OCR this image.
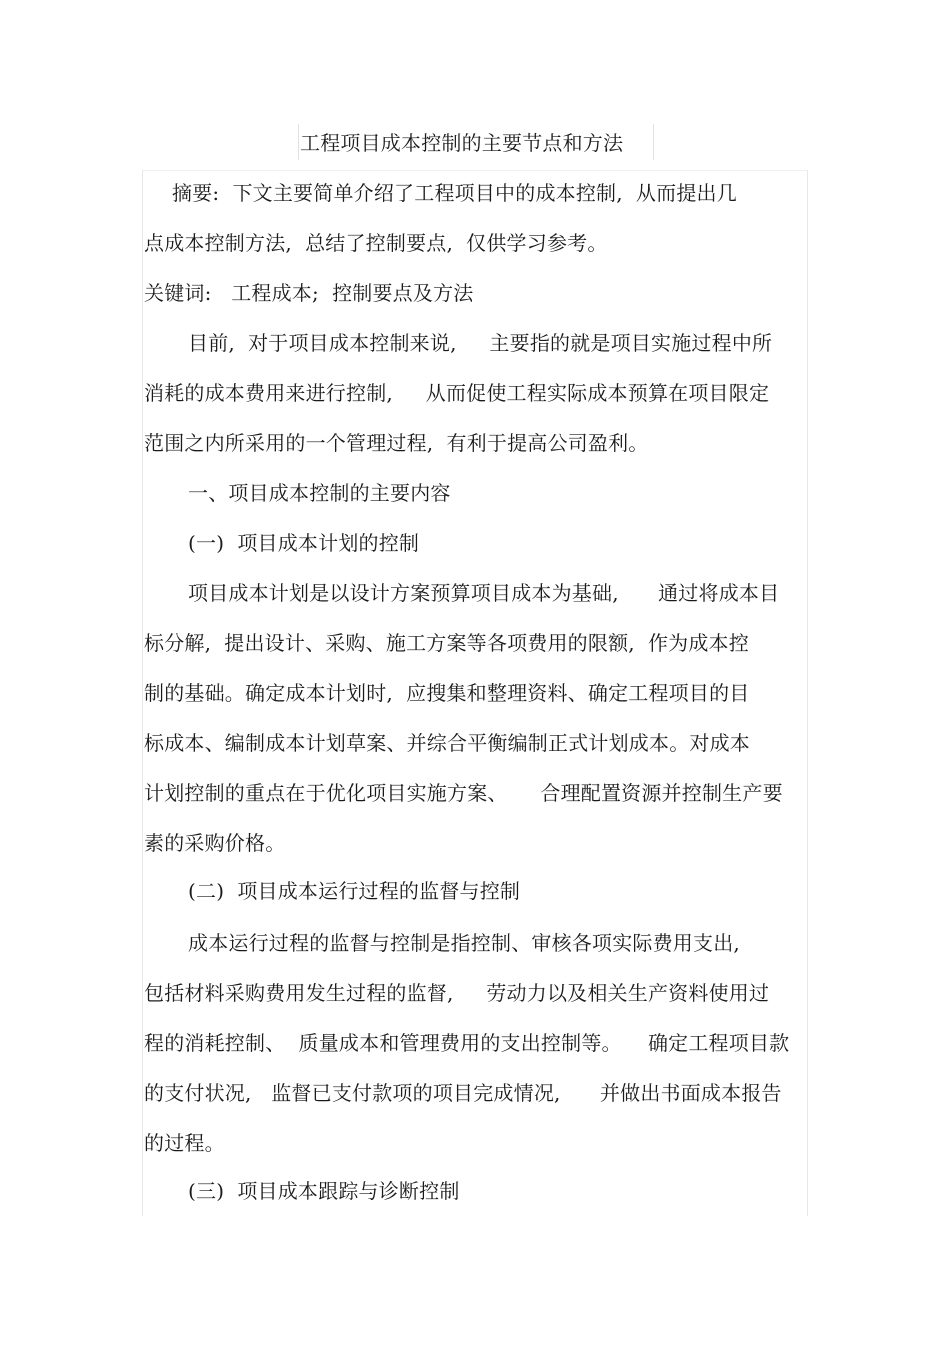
工程项目成本控制的主要节点和方法
摘要:  下文主要简单介绍了工程项目中的成本控制,  从而提出几
点成本控制方法,  总结了控制要点,  仅供学习参考。
关键词:   工程成本;  控制要点及方法
目前,  对于项目成本控制来说,     主要指的就是项目实施过程中所
消耗的成本费用来进行控制,     从而促使工程实际成本预算在项目限定
范围之内所采用的一个管理过程,  有利于提高公司盈利。
一、项目成本控制的主要内容
(一)  项目成本计划的控制
项目成本计划是以设计方案预算项目成本为基础,      通过将成本目
标分解,  提出设计、采购、施工方案等各项费用的限额,  作为成本控
制的基础。确定成本计划时,  应搜集和整理资料、确定工程项目的目
标成本、编制成本计划草案、并综合平衡编制正式计划成本。对成本
计划控制的重点在于优化项目实施方案、     合理配置资源并控制生产要
素的采购价格。
(二)  项目成本运行过程的监督与控制
成本运行过程的监督与控制是指控制、审核各项实际费用支出,
包括材料采购费用发生过程的监督,     劳动力以及相关生产资料使用过
程的消耗控制、  质量成本和管理费用的支出控制等。    确定工程项目款
的支付状况,   监督已支付款项的项目完成情况,      并做出书面成本报告
的过程。
(三)  项目成本跟踪与诊断控制
